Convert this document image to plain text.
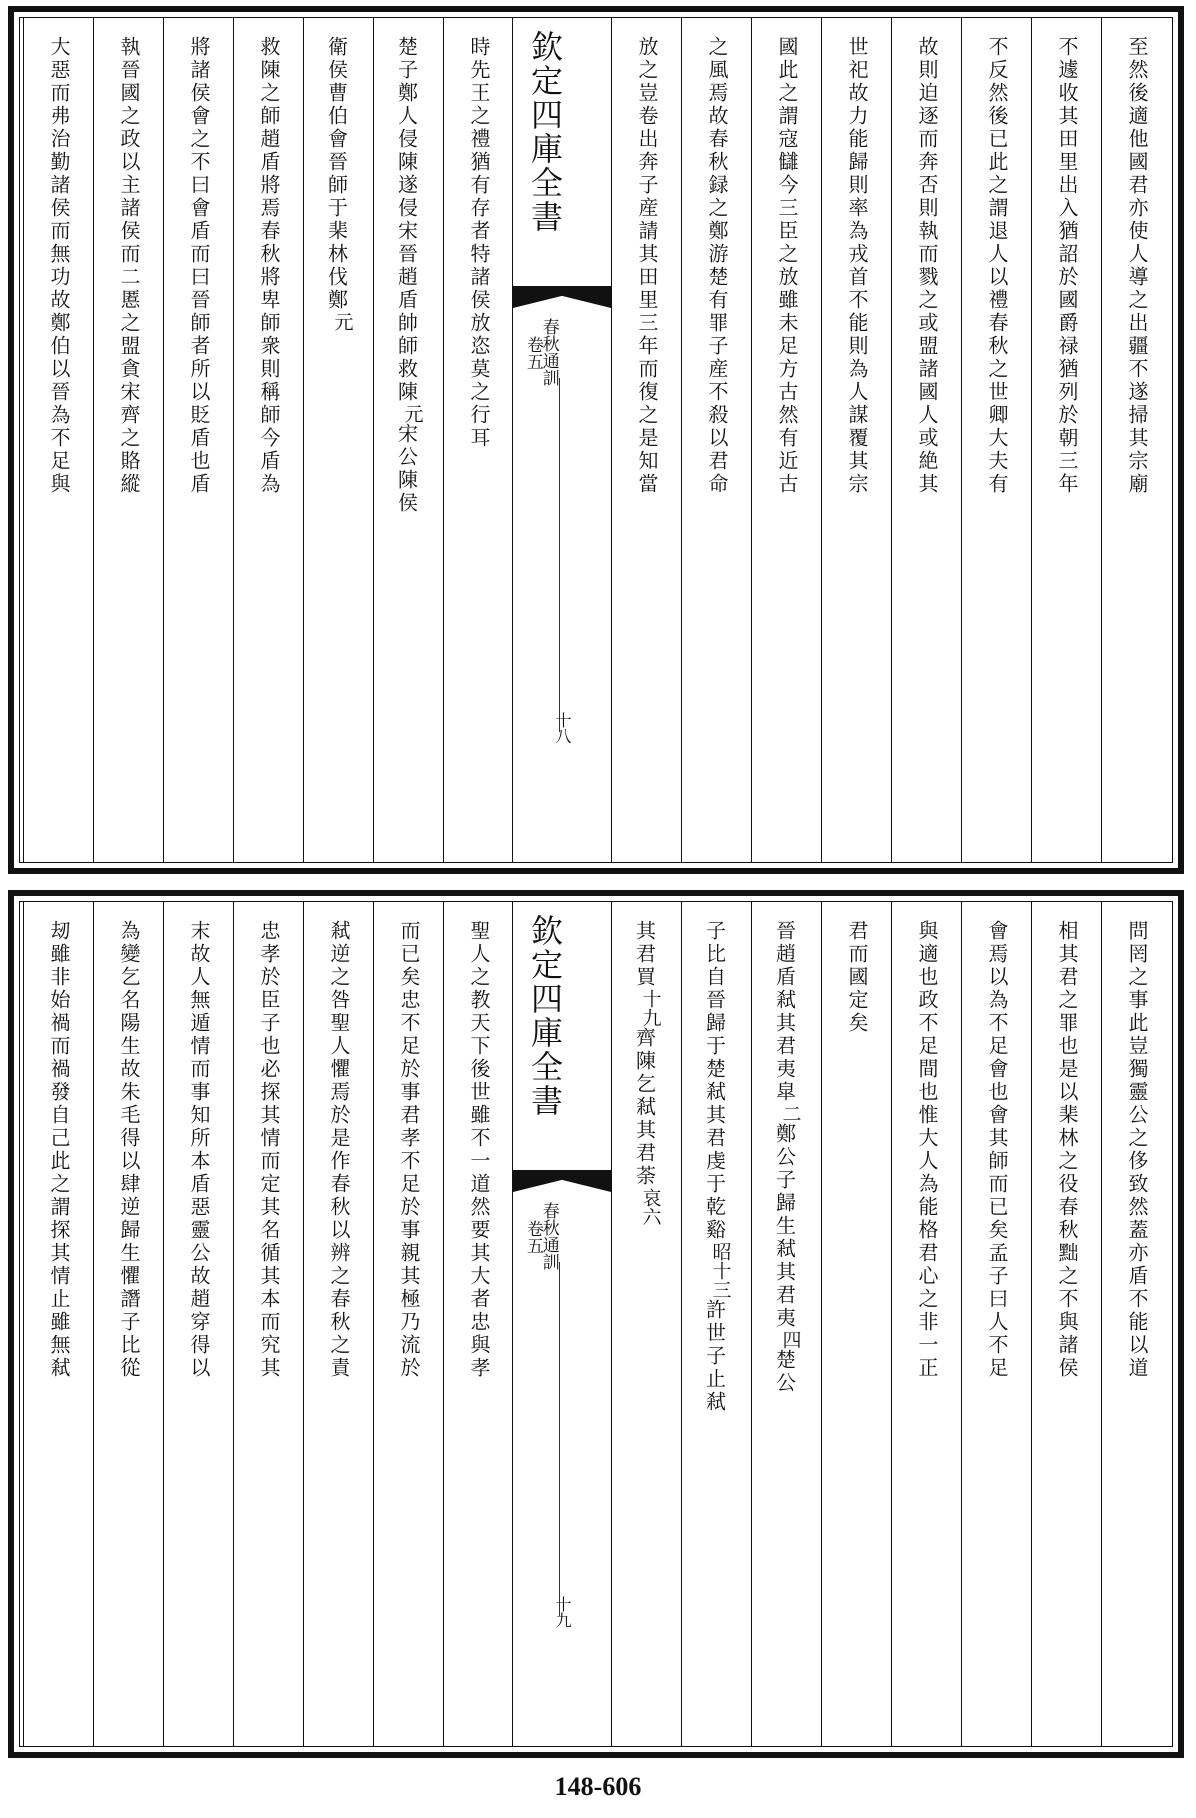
至然後適他國君亦使人導之出疆不遂掃其宗廟
不遽收其田里出入猶詔於國爵禄猶列於朝三年
不反然後已此之謂退人以禮春秋之世卿大夫有
故則迫逐而奔否則執而戮之或盟諸國人或絶其
世祀故力能歸則率為戎首不能則為人謀覆其宗
國此之謂寇讎今三臣之放雖未足方古然有近古
之風焉故春秋録之鄭游楚有罪子産不殺以君命
放之豈卷出奔子産請其田里三年而復之是知當
欽定四庫全書
春秋通訓
卷五
十八
時先王之禮猶有存者特諸侯放恣莫之行耳
楚子鄭人侵陳遂侵宋晉趙盾帥師救陳元宋公陳侯
衛侯曹伯會晉師于棐林伐鄭元
救陳之師趙盾將焉春秋將卑師衆則稱師今盾為
將諸侯會之不曰會盾而曰晉師者所以貶盾也盾
執晉國之政以主諸侯而二慝之盟貪宋齊之賂縱
大惡而弗治勤諸侯而無功故鄭伯以晉為不足與
問罔之事此豈獨靈公之侈致然蓋亦盾不能以道
相其君之罪也是以棐林之役春秋黜之不與諸侯
會焉以為不足會也會其師而已矣孟子曰人不足
與適也政不足間也惟大人為能格君心之非一正
君而國定矣
晉趙盾弒其君夷皐二鄭公子歸生弒其君夷四楚公
子比自晉歸于楚弒其君虔于乾谿昭十三許世子止弒
其君買十九齊陳乞弒其君荼哀六
欽定四庫全書
春秋通訓
卷五
十九
聖人之教天下後世雖不一道然要其大者忠與孝
而已矣忠不足於事君孝不足於事親其極乃流於
弒逆之咎聖人懼焉於是作春秋以辨之春秋之責
忠孝於臣子也必探其情而定其名循其本而究其
末故人無遁情而事知所本盾惡靈公故趙穿得以
為變乞名陽生故朱毛得以肆逆歸生懼譖子比從
刼雖非始禍而禍發自己此之謂探其情止雖無弒
148-606
